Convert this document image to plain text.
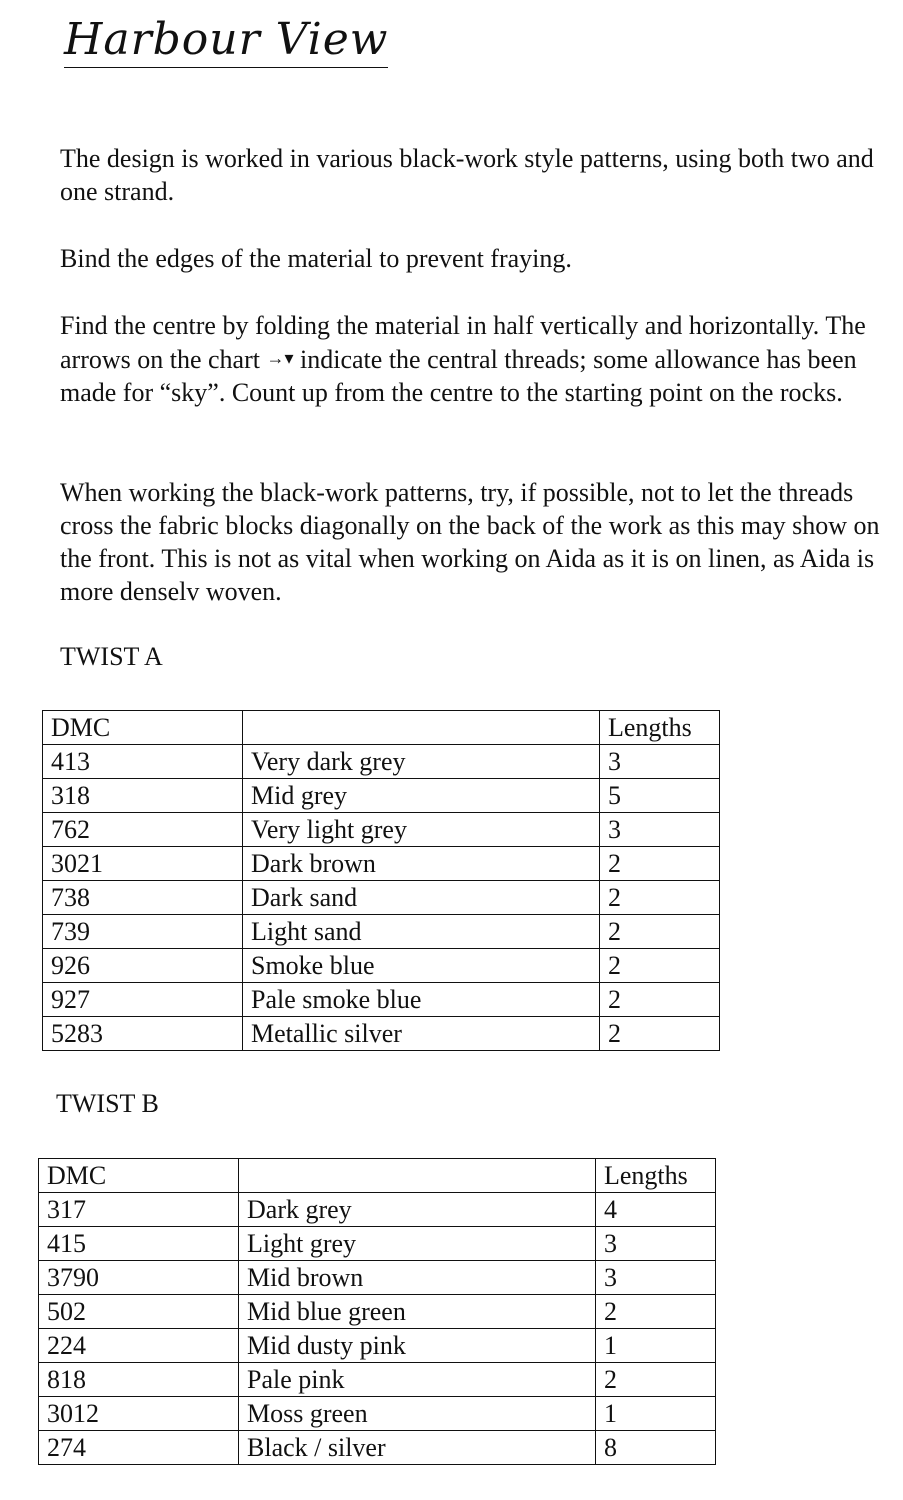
Harbour View

The design is worked in various black-work style patterns, using both two and one strand.

Bind the edges of the material to prevent fraying.

Find the centre by folding the material in half vertically and horizontally. The arrows on the chart →▾ indicate the central threads; some allowance has been made for “sky”. Count up from the centre to the starting point on the rocks.

When working the black-work patterns, try, if possible, not to let the threads cross the fabric blocks diagonally on the back of the work as this may show on the front. This is not as vital when working on Aida as it is on linen, as Aida is more denselv woven.

TWIST A
DMC		Lengths
413	Very dark grey	3
318	Mid grey	5
762	Very light grey	3
3021	Dark brown	2
738	Dark sand	2
739	Light sand	2
926	Smoke blue	2
927	Pale smoke blue	2
5283	Metallic silver	2
TWIST B
DMC		Lengths
317	Dark grey	4
415	Light grey	3
3790	Mid brown	3
502	Mid blue green	2
224	Mid dusty pink	1
818	Pale pink	2
3012	Moss green	1
274	Black / silver	8
